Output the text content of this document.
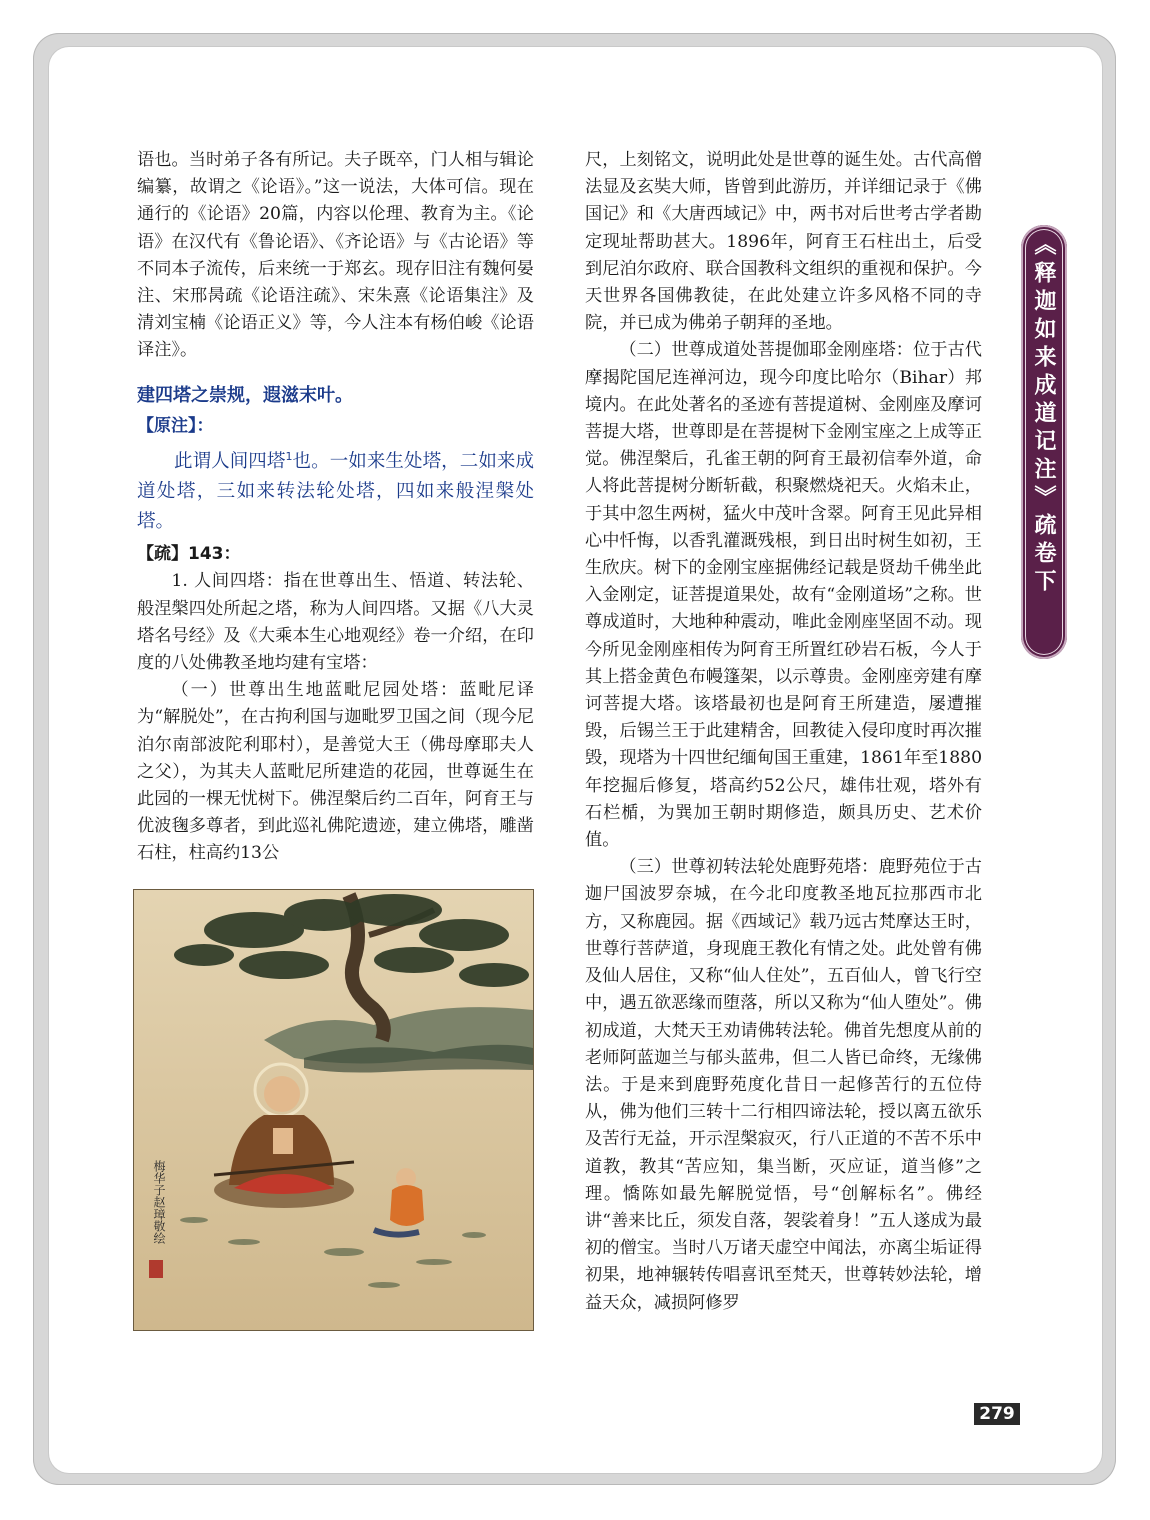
语也。当时弟子各有所记。夫子既卒，门人相与辑论编纂，故谓之《论语》。”这一说法，大体可信。现在通行的《论语》20篇，内容以伦理、教育为主。《论语》在汉代有《鲁论语》、《齐论语》与《古论语》等不同本子流传，后来统一于郑玄。现存旧注有魏何晏注、宋邢昺疏《论语注疏》、宋朱熹《论语集注》及清刘宝楠《论语正义》等，今人注本有杨伯峻《论语译注》。

建四塔之崇规，遐滋末叶。

【原注】：

此谓人间四塔$^1$也。一如来生处塔，二如来成道处塔，三如来转法轮处塔，四如来般涅槃处塔。

【疏】143：

1. 人间四塔：指在世尊出生、悟道、转法轮、般涅槃四处所起之塔，称为人间四塔。又据《八大灵塔名号经》及《大乘本生心地观经》卷一介绍，在印度的八处佛教圣地均建有宝塔：

（一）世尊出生地蓝毗尼园处塔：蓝毗尼译为“解脱处”，在古拘利国与迦毗罗卫国之间（现今尼泊尔南部波陀利耶村），是善觉大王（佛母摩耶夫人之父），为其夫人蓝毗尼所建造的花园，世尊诞生在此园的一棵无忧树下。佛涅槃后约二百年，阿育王与优波毱多尊者，到此巡礼佛陀遗迹，建立佛塔，雕凿石柱，柱高约13公

梅华子赵璋敬绘

尺，上刻铭文，说明此处是世尊的诞生处。古代高僧法显及玄奘大师，皆曾到此游历，并详细记录于《佛国记》和《大唐西域记》中，两书对后世考古学者勘定现址帮助甚大。1896年，阿育王石柱出土，后受到尼泊尔政府、联合国教科文组织的重视和保护。今天世界各国佛教徒，在此处建立许多风格不同的寺院，并已成为佛弟子朝拜的圣地。

（二）世尊成道处菩提伽耶金刚座塔：位于古代摩揭陀国尼连禅河边，现今印度比哈尔（Bihar）邦境内。在此处著名的圣迹有菩提道树、金刚座及摩诃菩提大塔，世尊即是在菩提树下金刚宝座之上成等正觉。佛涅槃后，孔雀王朝的阿育王最初信奉外道，命人将此菩提树分断斩截，积聚燃烧祀天。火焰未止，于其中忽生两树，猛火中茂叶含翠。阿育王见此异相心中忏悔，以香乳灌溉残根，到日出时树生如初，王生欣庆。树下的金刚宝座据佛经记载是贤劫千佛坐此入金刚定，证菩提道果处，故有“金刚道场”之称。世尊成道时，大地种种震动，唯此金刚座坚固不动。现今所见金刚座相传为阿育王所置红砂岩石板，今人于其上搭金黄色布幔篷架，以示尊贵。金刚座旁建有摩诃菩提大塔。该塔最初也是阿育王所建造，屡遭摧毁，后锡兰王于此建精舍，回教徒入侵印度时再次摧毁，现塔为十四世纪缅甸国王重建，1861年至1880年挖掘后修复，塔高约52公尺，雄伟壮观，塔外有石栏楯，为巽加王朝时期修造，颇具历史、艺术价值。

（三）世尊初转法轮处鹿野苑塔：鹿野苑位于古迦尸国波罗奈城，在今北印度教圣地瓦拉那西市北方，又称鹿园。据《西域记》载乃远古梵摩达王时，世尊行菩萨道，身现鹿王教化有情之处。此处曾有佛及仙人居住，又称“仙人住处”，五百仙人，曾飞行空中，遇五欲恶缘而堕落，所以又称为“仙人堕处”。佛初成道，大梵天王劝请佛转法轮。佛首先想度从前的老师阿蓝迦兰与郁头蓝弗，但二人皆已命终，无缘佛法。于是来到鹿野苑度化昔日一起修苦行的五位侍从，佛为他们三转十二行相四谛法轮，授以离五欲乐及苦行无益，开示涅槃寂灭，行八正道的不苦不乐中道教，教其“苦应知，集当断，灭应证，道当修”之理。憍陈如最先解脱觉悟，号“创解标名”。佛经讲“善来比丘，须发自落，袈裟着身！”五人遂成为最初的僧宝。当时八万诸天虚空中闻法，亦离尘垢证得初果，地神辗转传唱喜讯至梵天，世尊转妙法轮，增益天众，减损阿修罗

《释迦如来成道记注》疏卷下
279
